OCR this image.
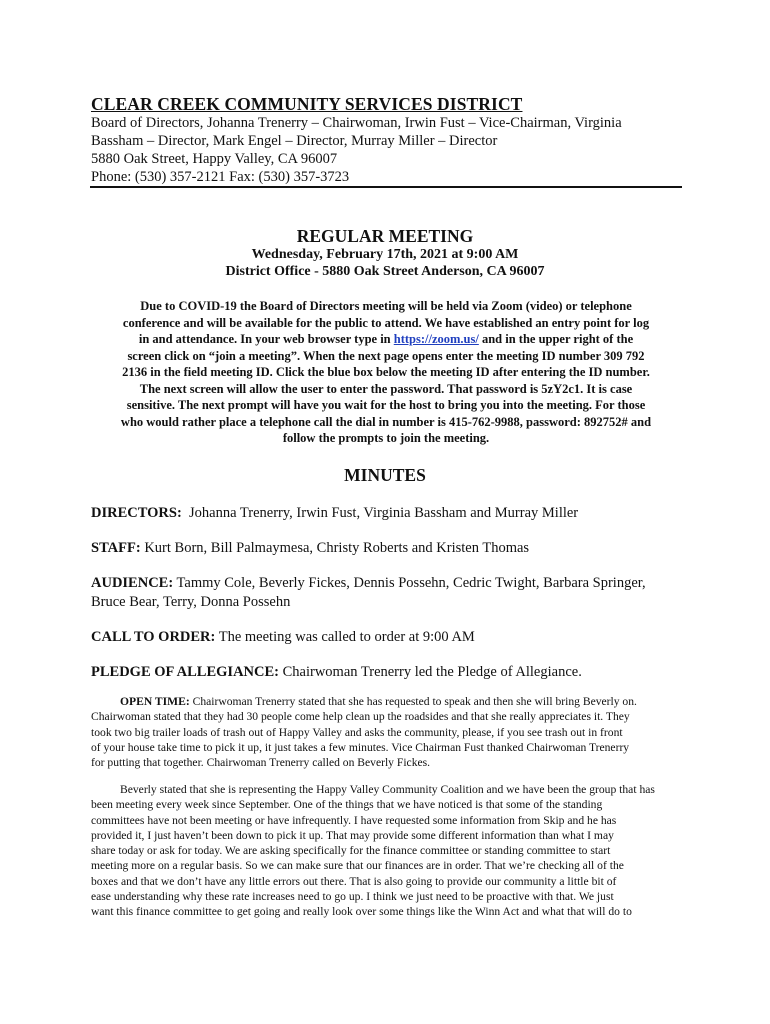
CLEAR CREEK COMMUNITY SERVICES DISTRICT
Board of Directors, Johanna Trenerry – Chairwoman, Irwin Fust – Vice-Chairman, Virginia
Bassham – Director, Mark Engel – Director, Murray Miller – Director
5880 Oak Street, Happy Valley, CA 96007
Phone: (530) 357-2121 Fax: (530) 357-3723
REGULAR MEETING
Wednesday, February 17th, 2021 at 9:00 AM
District Office - 5880 Oak Street Anderson, CA 96007
Due to COVID-19 the Board of Directors meeting will be held via Zoom (video) or telephone
conference and will be available for the public to attend. We have established an entry point for log
in and attendance. In your web browser type in https://zoom.us/ and in the upper right of the
screen click on “join a meeting”. When the next page opens enter the meeting ID number 309 792
2136 in the field meeting ID. Click the blue box below the meeting ID after entering the ID number.
The next screen will allow the user to enter the password. That password is 5zY2c1. It is case
sensitive. The next prompt will have you wait for the host to bring you into the meeting. For those
who would rather place a telephone call the dial in number is 415-762-9988, password: 892752# and
follow the prompts to join the meeting.
MINUTES
DIRECTORS: Johanna Trenerry, Irwin Fust, Virginia Bassham and Murray Miller
STAFF: Kurt Born, Bill Palmaymesa, Christy Roberts and Kristen Thomas
AUDIENCE: Tammy Cole, Beverly Fickes, Dennis Possehn, Cedric Twight, Barbara Springer,
Bruce Bear, Terry, Donna Possehn
CALL TO ORDER: The meeting was called to order at 9:00 AM
PLEDGE OF ALLEGIANCE: Chairwoman Trenerry led the Pledge of Allegiance.
OPEN TIME: Chairwoman Trenerry stated that she has requested to speak and then she will bring Beverly on.
Chairwoman stated that they had 30 people come help clean up the roadsides and that she really appreciates it. They
took two big trailer loads of trash out of Happy Valley and asks the community, please, if you see trash out in front
of your house take time to pick it up, it just takes a few minutes. Vice Chairman Fust thanked Chairwoman Trenerry
for putting that together. Chairwoman Trenerry called on Beverly Fickes.
Beverly stated that she is representing the Happy Valley Community Coalition and we have been the group that has
been meeting every week since September. One of the things that we have noticed is that some of the standing
committees have not been meeting or have infrequently. I have requested some information from Skip and he has
provided it, I just haven’t been down to pick it up. That may provide some different information than what I may
share today or ask for today. We are asking specifically for the finance committee or standing committee to start
meeting more on a regular basis. So we can make sure that our finances are in order. That we’re checking all of the
boxes and that we don’t have any little errors out there. That is also going to provide our community a little bit of
ease understanding why these rate increases need to go up. I think we just need to be proactive with that. We just
want this finance committee to get going and really look over some things like the Winn Act and what that will do to
